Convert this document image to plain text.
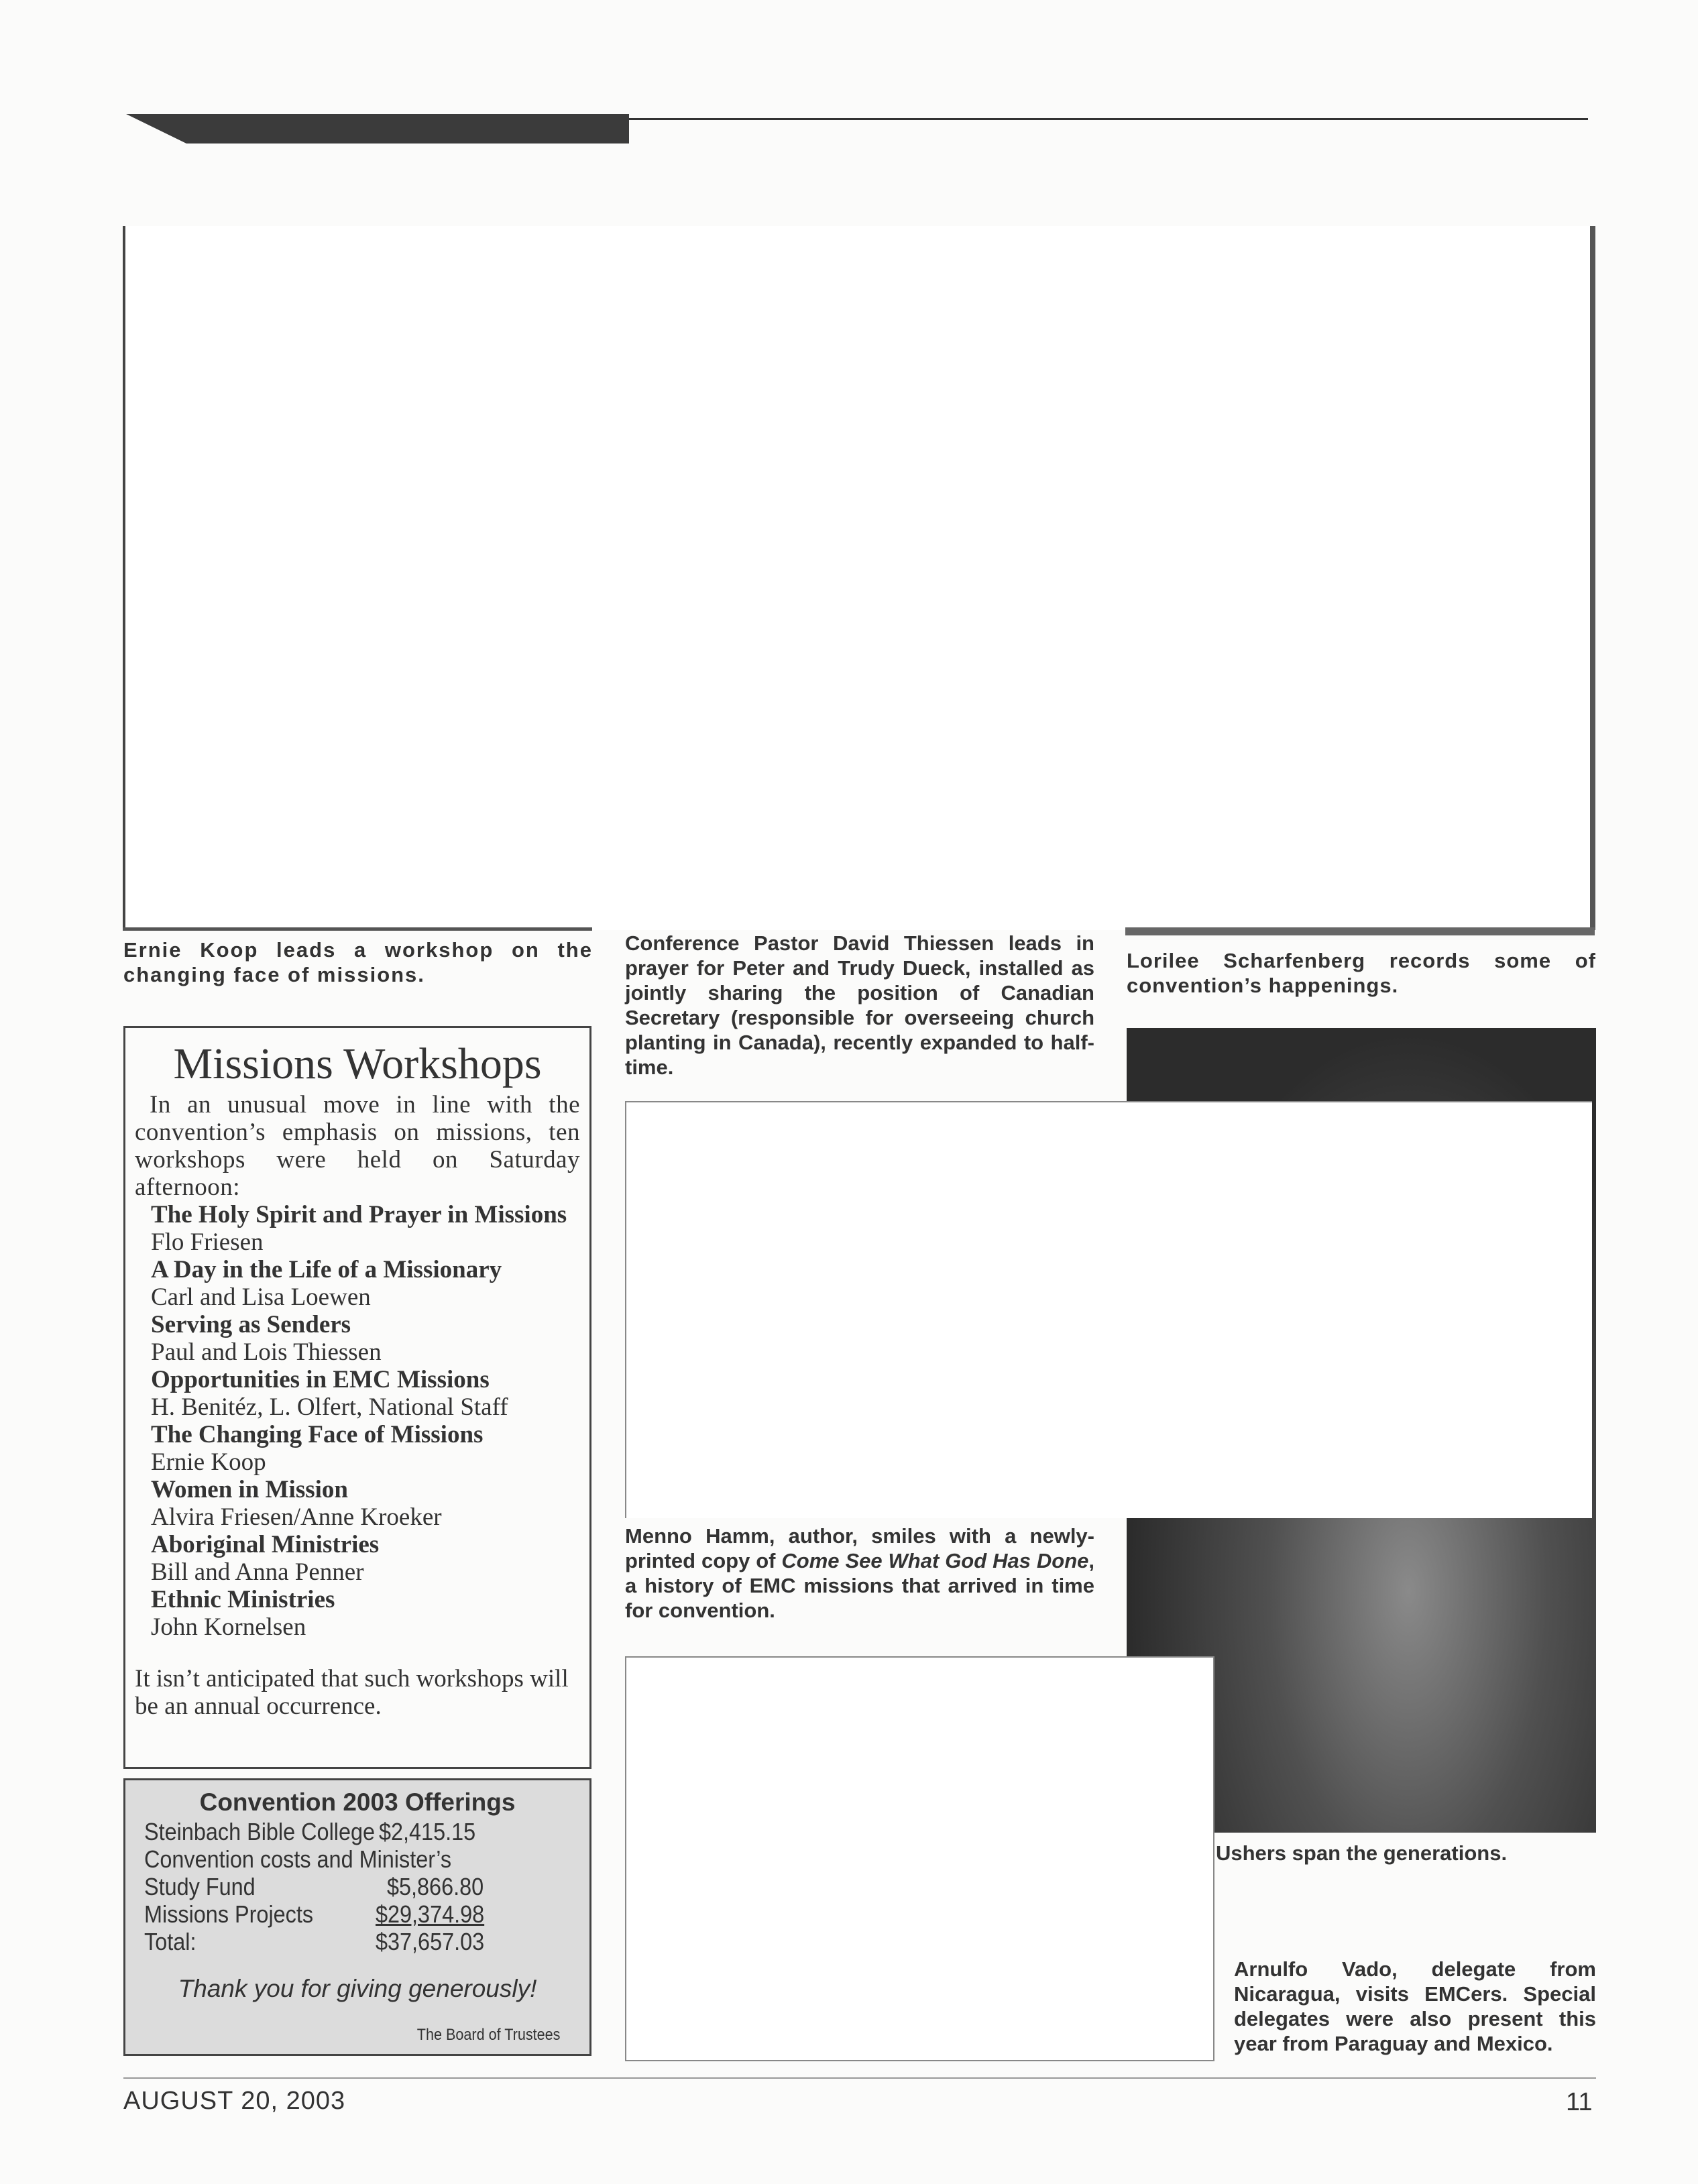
Ernie Koop leads a workshop on the changing face of missions.
Conference Pastor David Thiessen leads in prayer for Peter and Trudy Dueck, installed as jointly sharing the position of Canadian Secretary (responsible for overseeing church planting in Canada), recently expanded to half-time.
Lorilee Scharfenberg records some of convention’s happenings.
Menno Hamm, author, smiles with a newly-printed copy of Come See What God Has Done, a history of EMC missions that arrived in time for convention.
Ushers span the generations.
Arnulfo Vado, delegate from Nicaragua, visits EMCers. Special delegates were also present this year from Paraguay and Mexico.
Missions Workshops
In an unusual move in line with the convention’s emphasis on missions, ten workshops were held on Saturday afternoon:
The Holy Spirit and Prayer in Missions
Flo Friesen
A Day in the Life of a Missionary
Carl and Lisa Loewen
Serving as Senders
Paul and Lois Thiessen
Opportunities in EMC Missions
H. Benitéz, L. Olfert, National Staff
The Changing Face of Missions
Ernie Koop
Women in Mission
Alvira Friesen/Anne Kroeker
Aboriginal Ministries
Bill and Anna Penner
Ethnic Ministries
John Kornelsen
It isn’t anticipated that such workshops will be an annual occurrence.
Convention 2003 Offerings
Steinbach Bible College $2,415.15
Convention costs and Minister’s
Study Fund	$5,866.80
Missions Projects	$29,374.98
Total:	$37,657.03
Thank you for giving generously!
The Board of Trustees
AUGUST 20, 2003	11
